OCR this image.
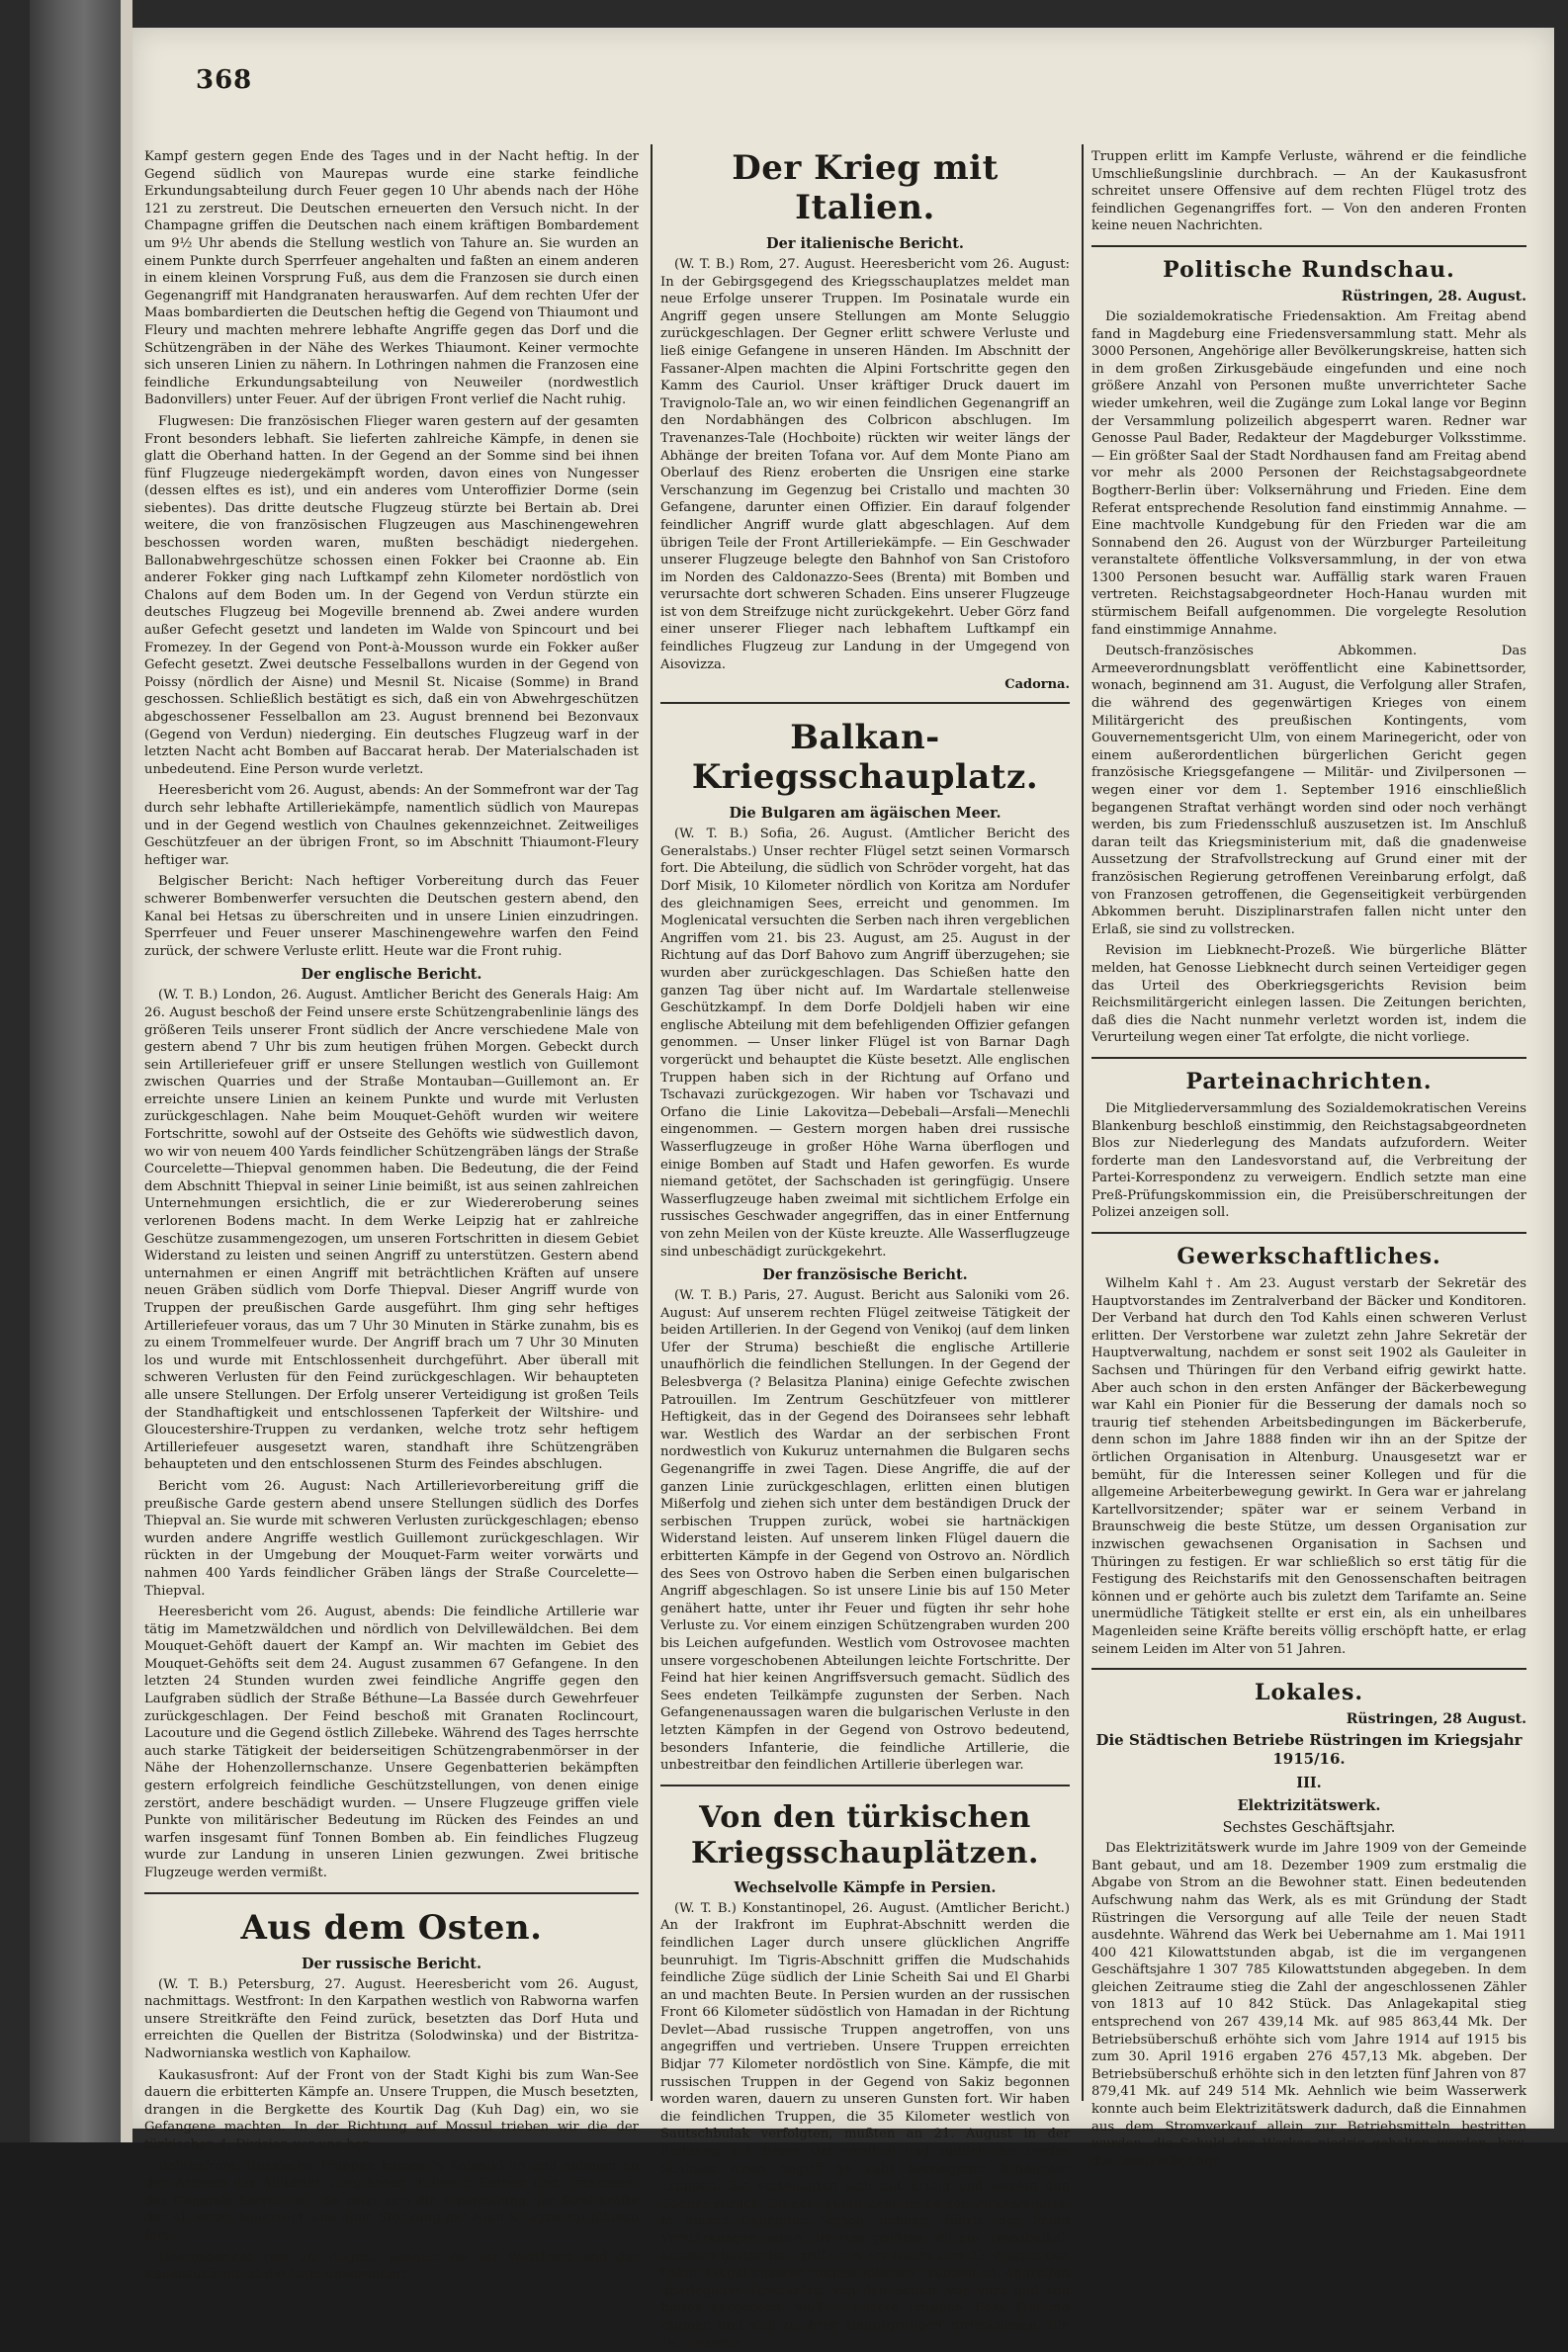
368

Kampf gestern gegen Ende des Tages und in der Nacht heftig. In der Gegend südlich von Maurepas wurde eine starke feindliche Erkundungsabteilung durch Feuer gegen 10 Uhr abends nach der Höhe 121 zu zerstreut. Die Deutschen erneuerten den Versuch nicht. In der Champagne griffen die Deutschen nach einem kräftigen Bombardement um 9½ Uhr abends die Stellung westlich von Tahure an. Sie wurden an einem Punkte durch Sperrfeuer angehalten und faßten an einem anderen in einem kleinen Vorsprung Fuß, aus dem die Franzosen sie durch einen Gegenangriff mit Handgranaten herauswarfen. Auf dem rechten Ufer der Maas bombardierten die Deutschen heftig die Gegend von Thiaumont und Fleury und machten mehrere lebhafte Angriffe gegen das Dorf und die Schützengräben in der Nähe des Werkes Thiaumont. Keiner vermochte sich unseren Linien zu nähern. In Lothringen nahmen die Franzosen eine feindliche Erkundungsabteilung von Neuweiler (nordwestlich Badonvillers) unter Feuer. Auf der übrigen Front verlief die Nacht ruhig.

Flugwesen: Die französischen Flieger waren gestern auf der gesamten Front besonders lebhaft. Sie lieferten zahlreiche Kämpfe, in denen sie glatt die Oberhand hatten. In der Gegend an der Somme sind bei ihnen fünf Flugzeuge niedergekämpft worden, davon eines von Nungesser (dessen elftes es ist), und ein anderes vom Unteroffizier Dorme (sein siebentes). Das dritte deutsche Flugzeug stürzte bei Bertain ab. Drei weitere, die von französischen Flugzeugen aus Maschinengewehren beschossen worden waren, mußten beschädigt niedergehen. Ballonabwehrgeschütze schossen einen Fokker bei Craonne ab. Ein anderer Fokker ging nach Luftkampf zehn Kilometer nordöstlich von Chalons auf dem Boden um. In der Gegend von Verdun stürzte ein deutsches Flugzeug bei Mogeville brennend ab. Zwei andere wurden außer Gefecht gesetzt und landeten im Walde von Spincourt und bei Fromezey. In der Gegend von Pont-à-Mousson wurde ein Fokker außer Gefecht gesetzt. Zwei deutsche Fesselballons wurden in der Gegend von Poissy (nördlich der Aisne) und Mesnil St. Nicaise (Somme) in Brand geschossen. Schließlich bestätigt es sich, daß ein von Abwehrgeschützen abgeschossener Fesselballon am 23. August brennend bei Bezonvaux (Gegend von Verdun) niederging. Ein deutsches Flugzeug warf in der letzten Nacht acht Bomben auf Baccarat herab. Der Materialschaden ist unbedeutend. Eine Person wurde verletzt.

Heeresbericht vom 26. August, abends: An der Sommefront war der Tag durch sehr lebhafte Artilleriekämpfe, namentlich südlich von Maurepas und in der Gegend westlich von Chaulnes gekennzeichnet. Zeitweiliges Geschützfeuer an der übrigen Front, so im Abschnitt Thiaumont-Fleury heftiger war.

Belgischer Bericht: Nach heftiger Vorbereitung durch das Feuer schwerer Bombenwerfer versuchten die Deutschen gestern abend, den Kanal bei Hetsas zu überschreiten und in unsere Linien einzudringen. Sperrfeuer und Feuer unserer Maschinengewehre warfen den Feind zurück, der schwere Verluste erlitt. Heute war die Front ruhig.

Der englische Bericht.

(W. T. B.) London, 26. August. Amtlicher Bericht des Generals Haig: Am 26. August beschoß der Feind unsere erste Schützengrabenlinie längs des größeren Teils unserer Front südlich der Ancre verschiedene Male von gestern abend 7 Uhr bis zum heutigen frühen Morgen. Gebeckt durch sein Artilleriefeuer griff er unsere Stellungen westlich von Guillemont zwischen Quarries und der Straße Montauban—Guillemont an. Er erreichte unsere Linien an keinem Punkte und wurde mit Verlusten zurückgeschlagen. Nahe beim Mouquet-Gehöft wurden wir weitere Fortschritte, sowohl auf der Ostseite des Gehöfts wie südwestlich davon, wo wir von neuem 400 Yards feindlicher Schützengräben längs der Straße Courcelette—Thiepval genommen haben. Die Bedeutung, die der Feind dem Abschnitt Thiepval in seiner Linie beimißt, ist aus seinen zahlreichen Unternehmungen ersichtlich, die er zur Wiedereroberung seines verlorenen Bodens macht. In dem Werke Leipzig hat er zahlreiche Geschütze zusammengezogen, um unseren Fortschritten in diesem Gebiet Widerstand zu leisten und seinen Angriff zu unterstützen. Gestern abend unternahmen er einen Angriff mit beträchtlichen Kräften auf unsere neuen Gräben südlich vom Dorfe Thiepval. Dieser Angriff wurde von Truppen der preußischen Garde ausgeführt. Ihm ging sehr heftiges Artilleriefeuer voraus, das um 7 Uhr 30 Minuten in Stärke zunahm, bis es zu einem Trommelfeuer wurde. Der Angriff brach um 7 Uhr 30 Minuten los und wurde mit Entschlossenheit durchgeführt. Aber überall mit schweren Verlusten für den Feind zurückgeschlagen. Wir behaupteten alle unsere Stellungen. Der Erfolg unserer Verteidigung ist großen Teils der Standhaftigkeit und entschlossenen Tapferkeit der Wiltshire- und Gloucestershire-Truppen zu verdanken, welche trotz sehr heftigem Artilleriefeuer ausgesetzt waren, standhaft ihre Schützengräben behaupteten und den entschlossenen Sturm des Feindes abschlugen.

Bericht vom 26. August: Nach Artillerievorbereitung griff die preußische Garde gestern abend unsere Stellungen südlich des Dorfes Thiepval an. Sie wurde mit schweren Verlusten zurückgeschlagen; ebenso wurden andere Angriffe westlich Guillemont zurückgeschlagen. Wir rückten in der Umgebung der Mouquet-Farm weiter vorwärts und nahmen 400 Yards feindlicher Gräben längs der Straße Courcelette—Thiepval.

Heeresbericht vom 26. August, abends: Die feindliche Artillerie war tätig im Mametzwäldchen und nördlich von Delvillewäldchen. Bei dem Mouquet-Gehöft dauert der Kampf an. Wir machten im Gebiet des Mouquet-Gehöfts seit dem 24. August zusammen 67 Gefangene. In den letzten 24 Stunden wurden zwei feindliche Angriffe gegen den Laufgraben südlich der Straße Béthune—La Bassée durch Gewehrfeuer zurückgeschlagen. Der Feind beschoß mit Granaten Roclincourt, Lacouture und die Gegend östlich Zillebeke. Während des Tages herrschte auch starke Tätigkeit der beiderseitigen Schützengrabenmörser in der Nähe der Hohenzollernschanze. Unsere Gegenbatterien bekämpften gestern erfolgreich feindliche Geschützstellungen, von denen einige zerstört, andere beschädigt wurden. — Unsere Flugzeuge griffen viele Punkte von militärischer Bedeutung im Rücken des Feindes an und warfen insgesamt fünf Tonnen Bomben ab. Ein feindliches Flugzeug wurde zur Landung in unseren Linien gezwungen. Zwei britische Flugzeuge werden vermißt.

Aus dem Osten.
Der russische Bericht.

(W. T. B.) Petersburg, 27. August. Heeresbericht vom 26. August, nachmittags. Westfront: In den Karpathen westlich von Rabworna warfen unsere Streitkräfte den Feind zurück, besetzten das Dorf Huta und erreichten die Quellen der Bistritza (Solodwinska) und der Bistritza-Nadwornianska westlich von Kaphailow.

Kaukasusfront: Auf der Front von der Stadt Kighi bis zum Wan-See dauern die erbitterten Kämpfe an. Unsere Truppen, die Musch besetzten, drangen in die Bergkette des Kourtik Dag (Kuh Dag) ein, wo sie Gefangene machten. In der Richtung auf Mossul trieben wir die der türkischen 4. Division vor uns her.

Balkanfront: Russische Truppen kamen in Saloniki an und nahmen an den Armeen der Alliierten (Engländer, Italiener, Serben und Franzosen) des Generals Sarrail teil. So setzt sich die Entwicklung der Streitkräfte der Alliierten beharrlich und ohne Stockung auf allen Kriegsschauplätzen fort.

Heeresbericht vom 26. August, abends: An der Westfront und der Kaukasusfront ist die Lage unverändert.

Der Krieg mit Italien.
Der italienische Bericht.

(W. T. B.) Rom, 27. August. Heeresbericht vom 26. August: In der Gebirgsgegend des Kriegsschauplatzes meldet man neue Erfolge unserer Truppen. Im Posinatale wurde ein Angriff gegen unsere Stellungen am Monte Seluggio zurückgeschlagen. Der Gegner erlitt schwere Verluste und ließ einige Gefangene in unseren Händen. Im Abschnitt der Fassaner-Alpen machten die Alpini Fortschritte gegen den Kamm des Cauriol. Unser kräftiger Druck dauert im Travignolo-Tale an, wo wir einen feindlichen Gegenangriff an den Nordabhängen des Colbricon abschlugen. Im Travenanzes-Tale (Hochboite) rückten wir weiter längs der Abhänge der breiten Tofana vor. Auf dem Monte Piano am Oberlauf des Rienz eroberten die Unsrigen eine starke Verschanzung im Gegenzug bei Cristallo und machten 30 Gefangene, darunter einen Offizier. Ein darauf folgender feindlicher Angriff wurde glatt abgeschlagen. Auf dem übrigen Teile der Front Artilleriekämpfe. — Ein Geschwader unserer Flugzeuge belegte den Bahnhof von San Cristoforo im Norden des Caldonazzo-Sees (Brenta) mit Bomben und verursachte dort schweren Schaden. Eins unserer Flugzeuge ist von dem Streifzuge nicht zurückgekehrt. Ueber Görz fand einer unserer Flieger nach lebhaftem Luftkampf ein feindliches Flugzeug zur Landung in der Umgegend von Aisovizza.

Cadorna.
Balkan-Kriegsschauplatz.
Die Bulgaren am ägäischen Meer.

(W. T. B.) Sofia, 26. August. (Amtlicher Bericht des Generalstabs.) Unser rechter Flügel setzt seinen Vormarsch fort. Die Abteilung, die südlich von Schröder vorgeht, hat das Dorf Misik, 10 Kilometer nördlich von Koritza am Nordufer des gleichnamigen Sees, erreicht und genommen. Im Moglenicatal versuchten die Serben nach ihren vergeblichen Angriffen vom 21. bis 23. August, am 25. August in der Richtung auf das Dorf Bahovo zum Angriff überzugehen; sie wurden aber zurückgeschlagen. Das Schießen hatte den ganzen Tag über nicht auf. Im Wardartale stellenweise Geschützkampf. In dem Dorfe Doldjeli haben wir eine englische Abteilung mit dem befehligenden Offizier gefangen genommen. — Unser linker Flügel ist von Barnar Dagh vorgerückt und behauptet die Küste besetzt. Alle englischen Truppen haben sich in der Richtung auf Orfano und Tschavazi zurückgezogen. Wir haben vor Tschavazi und Orfano die Linie Lakovitza—Debebali—Arsfali—Menechli eingenommen. — Gestern morgen haben drei russische Wasserflugzeuge in großer Höhe Warna überflogen und einige Bomben auf Stadt und Hafen geworfen. Es wurde niemand getötet, der Sachschaden ist geringfügig. Unsere Wasserflugzeuge haben zweimal mit sichtlichem Erfolge ein russisches Geschwader angegriffen, das in einer Entfernung von zehn Meilen von der Küste kreuzte. Alle Wasserflugzeuge sind unbeschädigt zurückgekehrt.

Der französische Bericht.

(W. T. B.) Paris, 27. August. Bericht aus Saloniki vom 26. August: Auf unserem rechten Flügel zeitweise Tätigkeit der beiden Artillerien. In der Gegend von Venikoj (auf dem linken Ufer der Struma) beschießt die englische Artillerie unaufhörlich die feindlichen Stellungen. In der Gegend der Belesbverga (? Belasitza Planina) einige Gefechte zwischen Patrouillen. Im Zentrum Geschützfeuer von mittlerer Heftigkeit, das in der Gegend des Doiransees sehr lebhaft war. Westlich des Wardar an der serbischen Front nordwestlich von Kukuruz unternahmen die Bulgaren sechs Gegenangriffe in zwei Tagen. Diese Angriffe, die auf der ganzen Linie zurückgeschlagen, erlitten einen blutigen Mißerfolg und ziehen sich unter dem beständigen Druck der serbischen Truppen zurück, wobei sie hartnäckigen Widerstand leisten. Auf unserem linken Flügel dauern die erbitterten Kämpfe in der Gegend von Ostrovo an. Nördlich des Sees von Ostrovo haben die Serben einen bulgarischen Angriff abgeschlagen. So ist unsere Linie bis auf 150 Meter genähert hatte, unter ihr Feuer und fügten ihr sehr hohe Verluste zu. Vor einem einzigen Schützengraben wurden 200 bis Leichen aufgefunden. Westlich vom Ostrovosee machten unsere vorgeschobenen Abteilungen leichte Fortschritte. Der Feind hat hier keinen Angriffsversuch gemacht. Südlich des Sees endeten Teilkämpfe zugunsten der Serben. Nach Gefangenenaussagen waren die bulgarischen Verluste in den letzten Kämpfen in der Gegend von Ostrovo bedeutend, besonders Infanterie, die feindliche Artillerie, die unbestreitbar den feindlichen Artillerie überlegen war.

Von den türkischen Kriegsschauplätzen.
Wechselvolle Kämpfe in Persien.

(W. T. B.) Konstantinopel, 26. August. (Amtlicher Bericht.) An der Irakfront im Euphrat-Abschnitt werden die feindlichen Lager durch unsere glücklichen Angriffe beunruhigt. Im Tigris-Abschnitt griffen die Mudschahids feindliche Züge südlich der Linie Scheith Sai und El Gharbi an und machten Beute. In Persien wurden an der russischen Front 66 Kilometer südöstlich von Hamadan in der Richtung Devlet—Abad russische Truppen angetroffen, von uns angegriffen und vertrieben. Unsere Truppen erreichten Bidjar 77 Kilometer nordöstlich von Sine. Kämpfe, die mit russischen Truppen in der Gegend von Sakiz begonnen worden waren, dauern zu unseren Gunsten fort. Wir haben die feindlichen Truppen, die 35 Kilometer westlich von Sautschbulak verfolgten, mußten an 21. August in der Richtung auf diesen Ort nördlich und südlich des Dorfes Schinian einen Angriff an Zahl überlegener feindlicher Truppen. Sie verteidigten sich mit Erfolg und warfen den Gegner zurück. Da dem guten Zustand seiner Verkehrsmittel in diesen Gegenden Vorteil ziehend, führte der Feind Verstärkungen heran, die zum größten Teil aus Transbaikal-Kosaken bestanden, griff er in der Nacht zum 22. August den linken Flügel unserer vorgeschobenen Truppen an. Angreifen überlegener Streitkräfte von den Seiten, von vorn und von hinten ausgesetzt, mußten unsere Truppen diese Stellung räumen und sich zu ihren Hauptgruppen zurückziehen. Ein Teil unserer

Truppen erlitt im Kampfe Verluste, während er die feindliche Umschließungslinie durchbrach. — An der Kaukasusfront schreitet unsere Offensive auf dem rechten Flügel trotz des feindlichen Gegenangriffes fort. — Von den anderen Fronten keine neuen Nachrichten.

Politische Rundschau.
Rüstringen, 28. August.

Die sozialdemokratische Friedensaktion. Am Freitag abend fand in Magdeburg eine Friedensversammlung statt. Mehr als 3000 Personen, Angehörige aller Bevölkerungskreise, hatten sich in dem großen Zirkusgebäude eingefunden und eine noch größere Anzahl von Personen mußte unverrichteter Sache wieder umkehren, weil die Zugänge zum Lokal lange vor Beginn der Versammlung polizeilich abgesperrt waren. Redner war Genosse Paul Bader, Redakteur der Magdeburger Volksstimme. — Ein größter Saal der Stadt Nordhausen fand am Freitag abend vor mehr als 2000 Personen der Reichstagsabgeordnete Bogtherr-Berlin über: Volksernährung und Frieden. Eine dem Referat entsprechende Resolution fand einstimmig Annahme. — Eine machtvolle Kundgebung für den Frieden war die am Sonnabend den 26. August von der Würzburger Parteileitung veranstaltete öffentliche Volksversammlung, in der von etwa 1300 Personen besucht war. Auffällig stark waren Frauen vertreten. Reichstagsabgeordneter Hoch-Hanau wurden mit stürmischem Beifall aufgenommen. Die vorgelegte Resolution fand einstimmige Annahme.

Deutsch-französisches Abkommen. Das Armeeverordnungsblatt veröffentlicht eine Kabinettsorder, wonach, beginnend am 31. August, die Verfolgung aller Strafen, die während des gegenwärtigen Krieges von einem Militärgericht des preußischen Kontingents, vom Gouvernementsgericht Ulm, von einem Marinegericht, oder von einem außerordentlichen bürgerlichen Gericht gegen französische Kriegsgefangene — Militär- und Zivilpersonen — wegen einer vor dem 1. September 1916 einschließlich begangenen Straftat verhängt worden sind oder noch verhängt werden, bis zum Friedensschluß auszusetzen ist. Im Anschluß daran teilt das Kriegsministerium mit, daß die gnadenweise Aussetzung der Strafvollstreckung auf Grund einer mit der französischen Regierung getroffenen Vereinbarung erfolgt, daß von Franzosen getroffenen, die Gegenseitigkeit verbürgenden Abkommen beruht. Disziplinarstrafen fallen nicht unter den Erlaß, sie sind zu vollstrecken.

Revision im Liebknecht-Prozeß. Wie bürgerliche Blätter melden, hat Genosse Liebknecht durch seinen Verteidiger gegen das Urteil des Oberkriegsgerichts Revision beim Reichsmilitärgericht einlegen lassen. Die Zeitungen berichten, daß dies die Nacht nunmehr verletzt worden ist, indem die Verurteilung wegen einer Tat erfolgte, die nicht vorliege.

Parteinachrichten.

Die Mitgliederversammlung des Sozialdemokratischen Vereins Blankenburg beschloß einstimmig, den Reichstagsabgeordneten Blos zur Niederlegung des Mandats aufzufordern. Weiter forderte man den Landesvorstand auf, die Verbreitung der Partei-Korrespondenz zu verweigern. Endlich setzte man eine Preß-Prüfungskommission ein, die Preisüberschreitungen der Polizei anzeigen soll.

Gewerkschaftliches.

Wilhelm Kahl †. Am 23. August verstarb der Sekretär des Hauptvorstandes im Zentralverband der Bäcker und Konditoren. Der Verband hat durch den Tod Kahls einen schweren Verlust erlitten. Der Verstorbene war zuletzt zehn Jahre Sekretär der Hauptverwaltung, nachdem er sonst seit 1902 als Gauleiter in Sachsen und Thüringen für den Verband eifrig gewirkt hatte. Aber auch schon in den ersten Anfänger der Bäckerbewegung war Kahl ein Pionier für die Besserung der damals noch so traurig tief stehenden Arbeitsbedingungen im Bäckerberufe, denn schon im Jahre 1888 finden wir ihn an der Spitze der örtlichen Organisation in Altenburg. Unausgesetzt war er bemüht, für die Interessen seiner Kollegen und für die allgemeine Arbeiterbewegung gewirkt. In Gera war er jahrelang Kartellvorsitzender; später war er seinem Verband in Braunschweig die beste Stütze, um dessen Organisation zur inzwischen gewachsenen Organisation in Sachsen und Thüringen zu festigen. Er war schließlich so erst tätig für die Festigung des Reichstarifs mit den Genossenschaften beitragen können und er gehörte auch bis zuletzt dem Tarifamte an. Seine unermüdliche Tätigkeit stellte er erst ein, als ein unheilbares Magenleiden seine Kräfte bereits völlig erschöpft hatte, er erlag seinem Leiden im Alter von 51 Jahren.

Lokales.
Rüstringen, 28 August.
Die Städtischen Betriebe Rüstringen im Kriegsjahr 1915/16.
III.
Elektrizitätswerk.
Sechstes Geschäftsjahr.

Das Elektrizitätswerk wurde im Jahre 1909 von der Gemeinde Bant gebaut, und am 18. Dezember 1909 zum erstmalig die Abgabe von Strom an die Bewohner statt. Einen bedeutenden Aufschwung nahm das Werk, als es mit Gründung der Stadt Rüstringen die Versorgung auf alle Teile der neuen Stadt ausdehnte. Während das Werk bei Uebernahme am 1. Mai 1911 400 421 Kilowattstunden abgab, ist die im vergangenen Geschäftsjahre 1 307 785 Kilowattstunden abgegeben. In dem gleichen Zeitraume stieg die Zahl der angeschlossenen Zähler von 1813 auf 10 842 Stück. Das Anlagekapital stieg entsprechend von 267 439,14 Mk. auf 985 863,44 Mk. Der Betriebsüberschuß erhöhte sich vom Jahre 1914 auf 1915 bis zum 30. April 1916 ergaben 276 457,13 Mk. abgeben. Der Betriebsüberschuß erhöhte sich in den letzten fünf Jahren von 87 879,41 Mk. auf 249 514 Mk. Aehnlich wie beim Wasserwerk konnte auch beim Elektrizitätswerk dadurch, daß die Einnahmen aus dem Stromverkauf allein zur Betriebsmitteln bestritten wurden, die Schuld des Werkes niedrig gehalten werden, bzw. die finanzielle Lage
